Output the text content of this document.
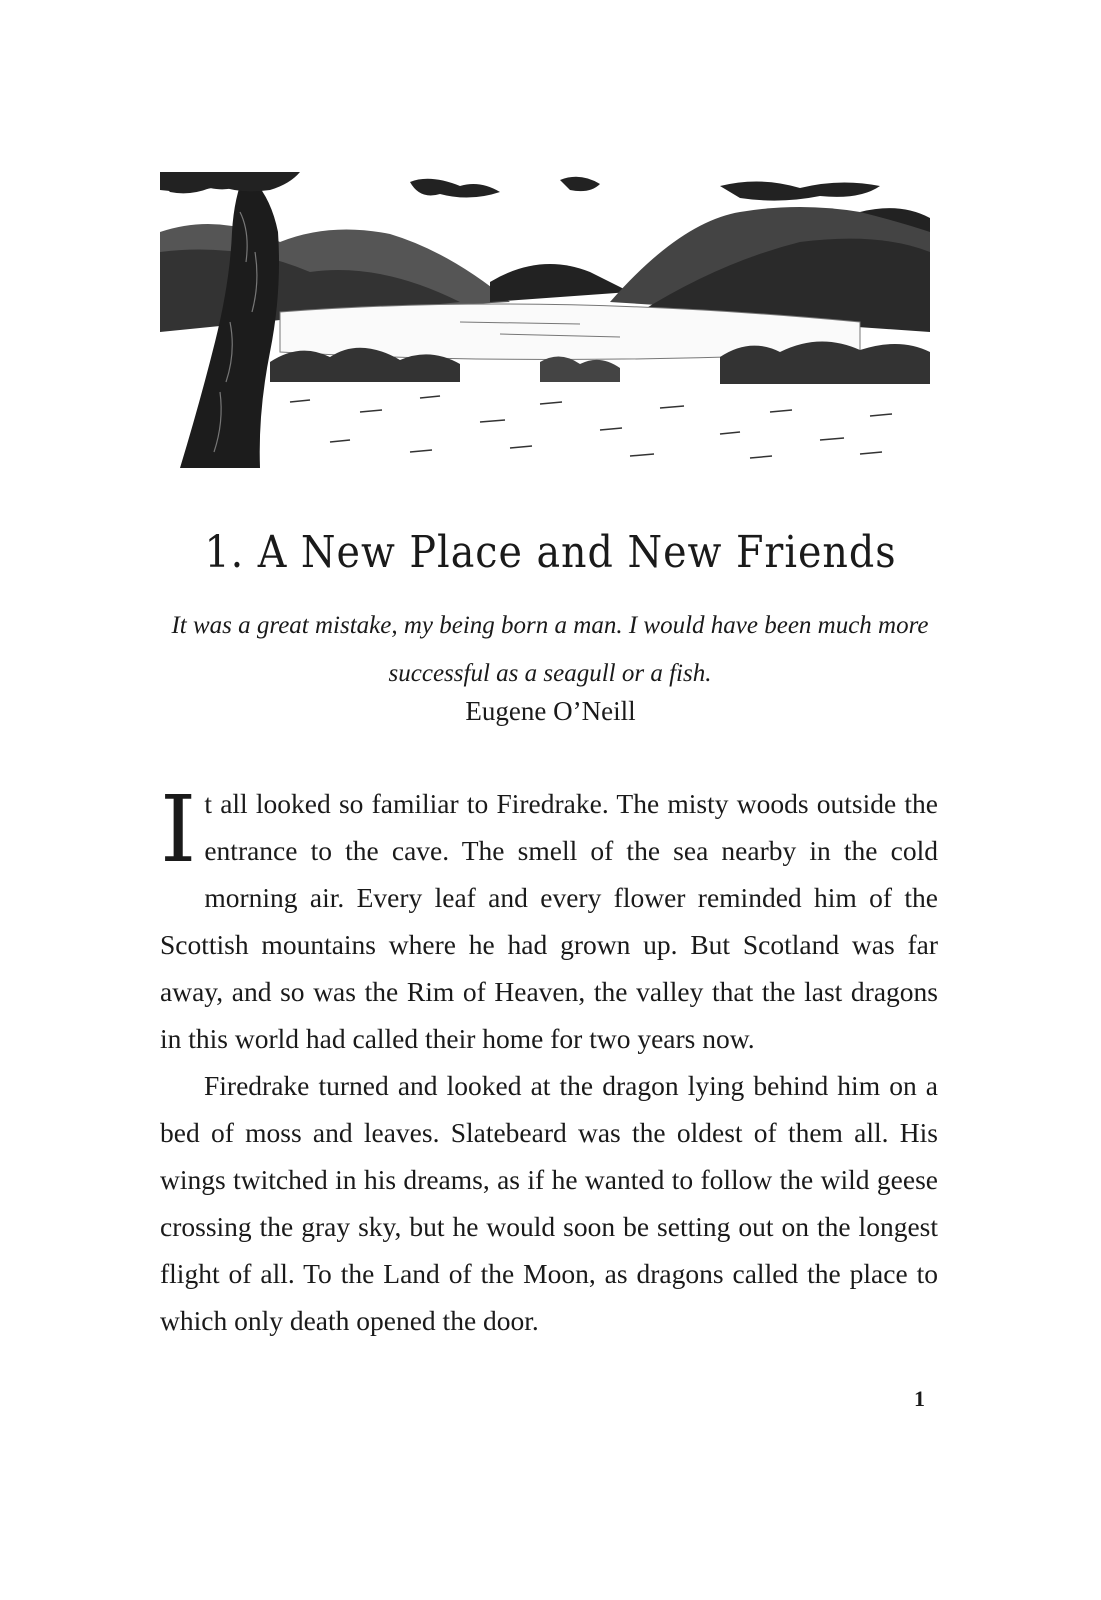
1. A New Place and New Friends
It was a great mistake, my being born a man. I would have been much more successful as a seagull or a fish.
Eugene O’Neill

It all looked so familiar to Firedrake. The misty woods outside the entrance to the cave. The smell of the sea nearby in the cold morning air. Every leaf and every flower reminded him of the Scottish mountains where he had grown up. But Scotland was far away, and so was the Rim of Heaven, the valley that the last dragons in this world had called their home for two years now.

Firedrake turned and looked at the dragon lying behind him on a bed of moss and leaves. Slatebeard was the oldest of them all. His wings twitched in his dreams, as if he wanted to follow the wild geese crossing the gray sky, but he would soon be setting out on the longest flight of all. To the Land of the Moon, as dragons called the place to which only death opened the door.

1
